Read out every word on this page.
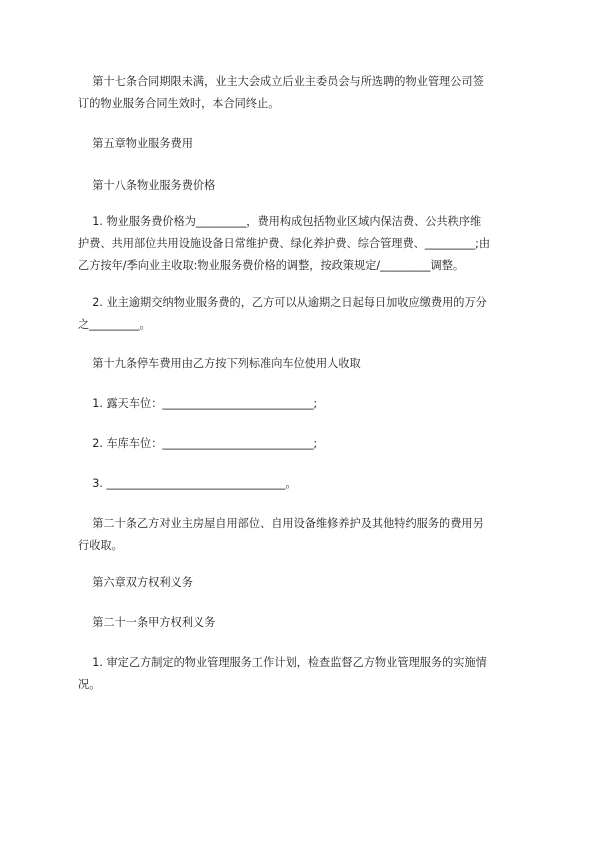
第十七条合同期限未满，业主大会成立后业主委员会与所选聘的物业管理公司签
订的物业服务合同生效时，本合同终止。
第五章物业服务费用
第十八条物业服务费价格
1. 物业服务费价格为_________，费用构成包括物业区域内保洁费、公共秩序维
护费、共用部位共用设施设备日常维护费、绿化养护费、综合管理费、_________;由
乙方按年/季向业主收取:物业服务费价格的调整，按政策规定/_________调整。
2. 业主逾期交纳物业服务费的，乙方可以从逾期之日起每日加收应缴费用的万分
之_________。
第十九条停车费用由乙方按下列标准向车位使用人收取
1. 露天车位：___________________________;
2. 车库车位：___________________________;
3. ________________________________。
第二十条乙方对业主房屋自用部位、自用设备维修养护及其他特约服务的费用另
行收取。
第六章双方权利义务
第二十一条甲方权利义务
1. 审定乙方制定的物业管理服务工作计划，检查监督乙方物业管理服务的实施情
况。
